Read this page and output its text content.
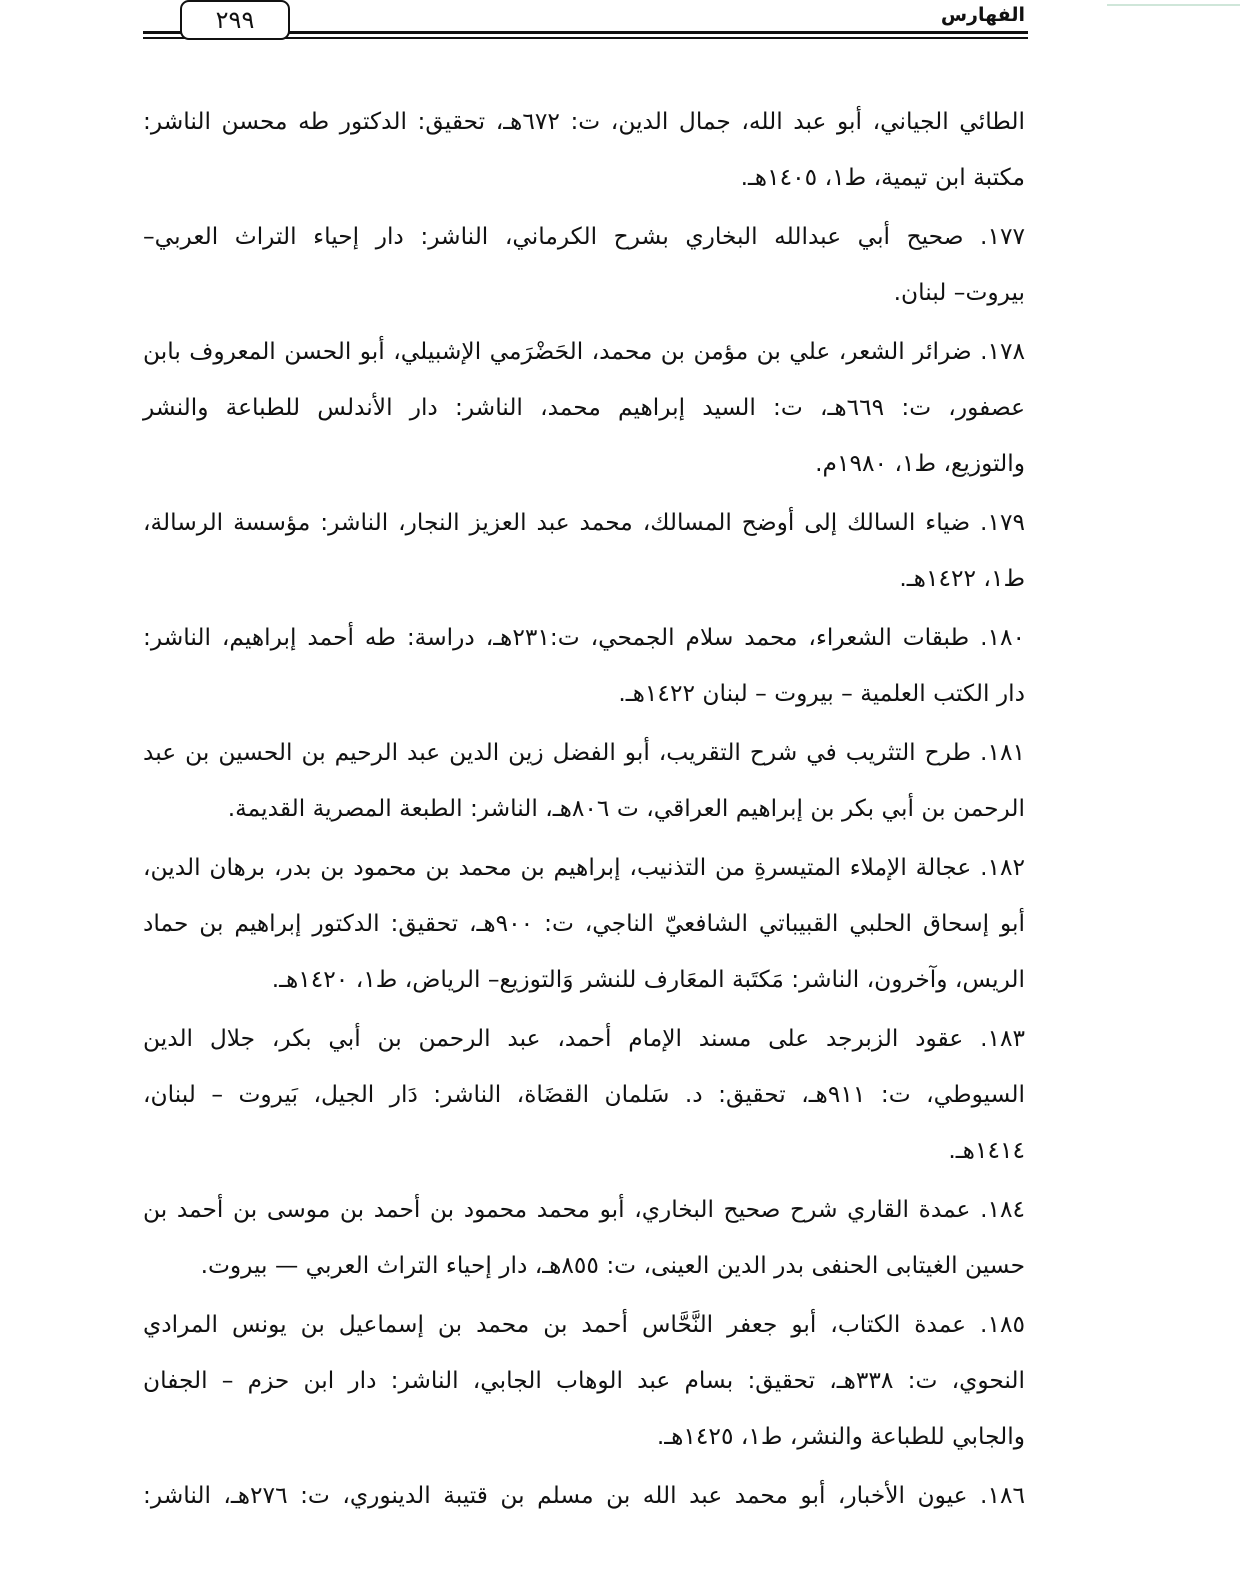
الفهارس
٢٩٩
الطائي الجياني، أبو عبد الله، جمال الدين، ت: ٦٧٢هـ، تحقيق: الدكتور طه محسن الناشر:
مكتبة ابن تيمية، ط١، ١٤٠٥هـ.
١٧٧. صحيح أبي عبدالله البخاري بشرح الكرماني، الناشر: دار إحياء التراث العربي–
بيروت– لبنان.
١٧٨. ضرائر الشعر، علي بن مؤمن بن محمد، الحَضْرَمي الإشبيلي، أبو الحسن المعروف بابن
عصفور، ت: ٦٦٩هـ، ت: السيد إبراهيم محمد، الناشر: دار الأندلس للطباعة والنشر
والتوزيع، ط١، ١٩٨٠م.
١٧٩. ضياء السالك إلى أوضح المسالك، محمد عبد العزيز النجار، الناشر: مؤسسة الرسالة،
ط١، ١٤٢٢هـ.
١٨٠. طبقات الشعراء، محمد سلام الجمحي، ت:٢٣١هـ، دراسة: طه أحمد إبراهيم، الناشر:
دار الكتب العلمية – بيروت – لبنان ١٤٢٢هـ.
١٨١. طرح التثريب في شرح التقريب، أبو الفضل زين الدين عبد الرحيم بن الحسين بن عبد
الرحمن بن أبي بكر بن إبراهيم العراقي، ت ٨٠٦هـ، الناشر: الطبعة المصرية القديمة.
١٨٢. عجالة الإملاء المتيسرةِ من التذنيب، إبراهيم بن محمد بن محمود بن بدر، برهان الدين،
أبو إسحاق الحلبي القبيباتي الشافعيّ الناجي، ت: ٩٠٠هـ، تحقيق: الدكتور إبراهيم بن حماد
الريس، وآخرون، الناشر: مَكتَبة المعَارف للنشر وَالتوزيع– الرياض، ط١، ١٤٢٠هـ.
١٨٣. عقود الزبرجد على مسند الإمام أحمد، عبد الرحمن بن أبي بكر، جلال الدين
السيوطي، ت: ٩١١هـ، تحقيق: د. سَلمان القضَاة، الناشر: دَار الجيل، بَيروت – لبنان،
١٤١٤هـ.
١٨٤. عمدة القاري شرح صحيح البخاري، أبو محمد محمود بن أحمد بن موسى بن أحمد بن
حسين الغيتابى الحنفى بدر الدين العينى، ت: ٨٥٥هـ، دار إحياء التراث العربي — بيروت.
١٨٥. عمدة الكتاب، أبو جعفر النَّحَّاس أحمد بن محمد بن إسماعيل بن يونس المرادي
النحوي، ت: ٣٣٨هـ، تحقيق: بسام عبد الوهاب الجابي، الناشر: دار ابن حزم – الجفان
والجابي للطباعة والنشر، ط١، ١٤٢٥هـ.
١٨٦. عيون الأخبار، أبو محمد عبد الله بن مسلم بن قتيبة الدينوري، ت: ٢٧٦هـ، الناشر:
